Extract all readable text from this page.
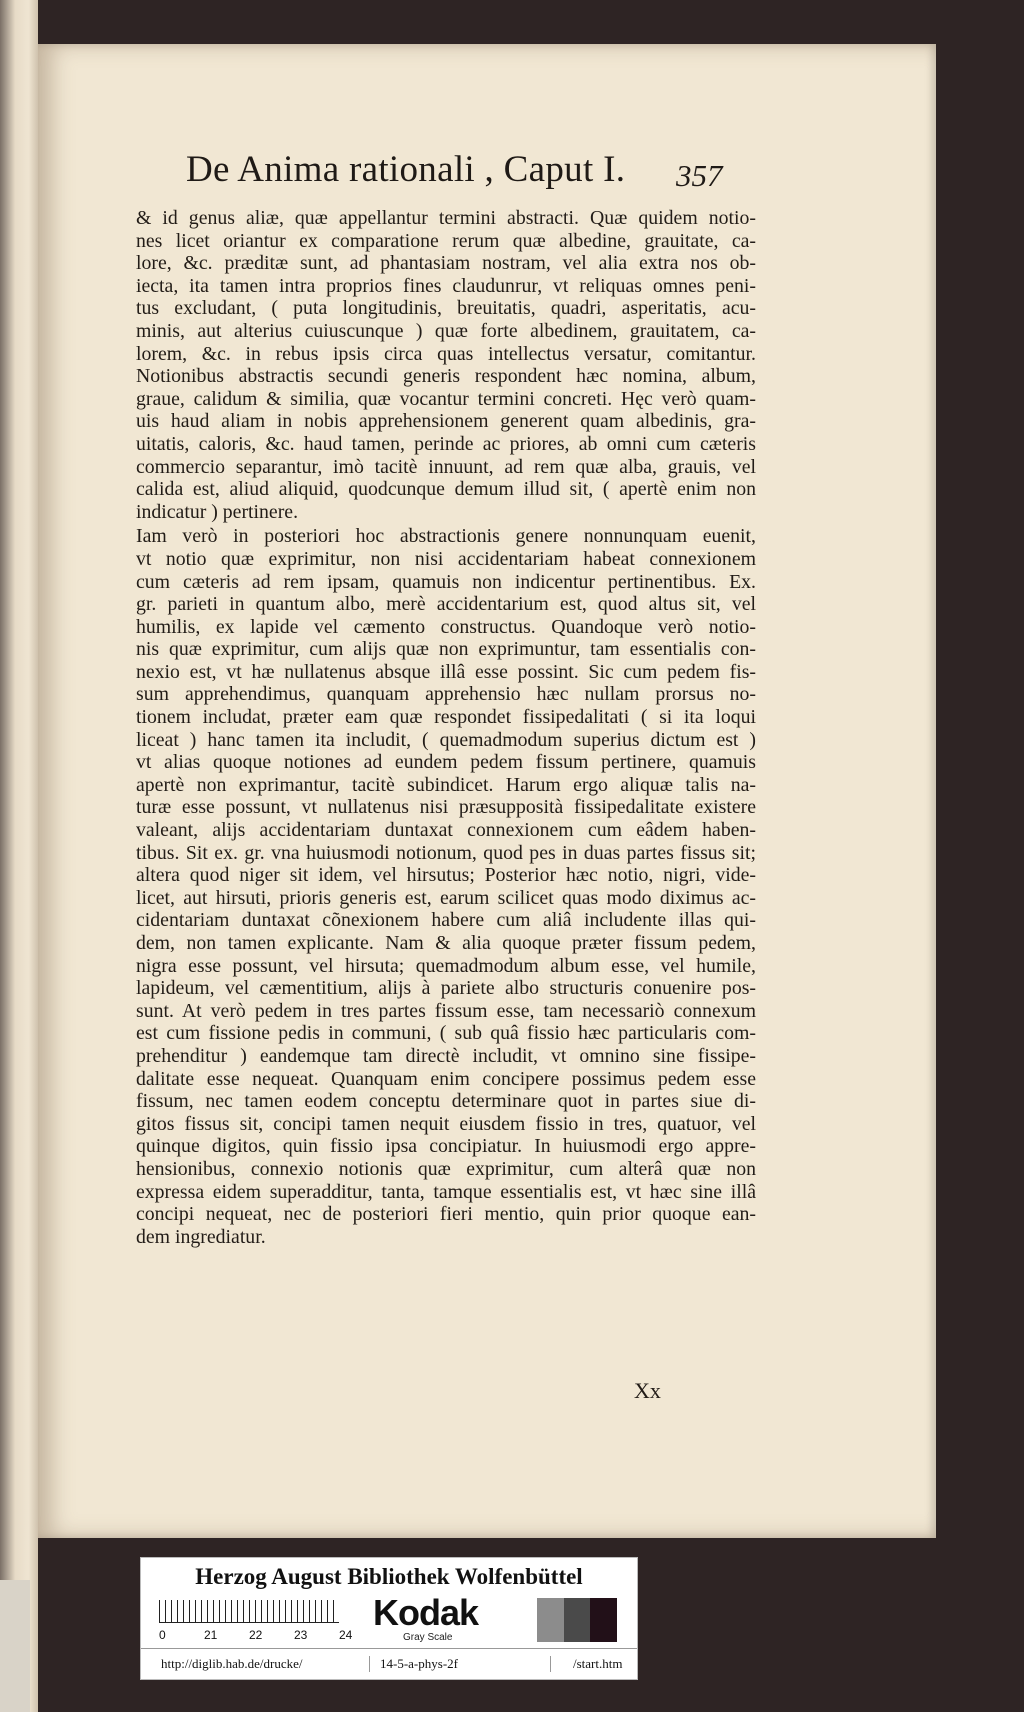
De Anima rationali , Caput I. 357

& id genus aliæ, quæ appellantur termini abstracti. Quæ quidem notio-
nes licet oriantur ex comparatione rerum quæ albedine, grauitate, ca-
lore, &c. præditæ sunt, ad phantasiam nostram, vel alia extra nos ob-
iecta, ita tamen intra proprios fines claudunrur, vt reliquas omnes peni-
tus excludant, ( puta longitudinis, breuitatis, quadri, asperitatis, acu-
minis, aut alterius cuiuscunque ) quæ forte albedinem, grauitatem, ca-
lorem, &c. in rebus ipsis circa quas intellectus versatur, comitantur.
Notionibus abstractis secundi generis respondent hæc nomina, album,
graue, calidum & similia, quæ vocantur termini concreti. Hęc verò quam-
uis haud aliam in nobis apprehensionem generent quam albedinis, gra-
uitatis, caloris, &c. haud tamen, perinde ac priores, ab omni cum cæteris
commercio separantur, imò tacitè innuunt, ad rem quæ alba, grauis, vel
calida est, aliud aliquid, quodcunque demum illud sit, ( apertè enim non
indicatur ) pertinere.

Iam verò in posteriori hoc abstractionis genere nonnunquam euenit,
vt notio quæ exprimitur, non nisi accidentariam habeat connexionem
cum cæteris ad rem ipsam, quamuis non indicentur pertinentibus. Ex.
gr. parieti in quantum albo, merè accidentarium est, quod altus sit, vel
humilis, ex lapide vel cæmento constructus. Quandoque verò notio-
nis quæ exprimitur, cum alijs quæ non exprimuntur, tam essentialis con-
nexio est, vt hæ nullatenus absque illâ esse possint. Sic cum pedem fis-
sum apprehendimus, quanquam apprehensio hæc nullam prorsus no-
tionem includat, præter eam quæ respondet fissipedalitati ( si ita loqui
liceat ) hanc tamen ita includit, ( quemadmodum superius dictum est )
vt alias quoque notiones ad eundem pedem fissum pertinere, quamuis
apertè non exprimantur, tacitè subindicet. Harum ergo aliquæ talis na-
turæ esse possunt, vt nullatenus nisi præsupposità fissipedalitate existere
valeant, alijs accidentariam duntaxat connexionem cum eâdem haben-
tibus. Sit ex. gr. vna huiusmodi notionum, quod pes in duas partes fissus sit;
altera quod niger sit idem, vel hirsutus; Posterior hæc notio, nigri, vide-
licet, aut hirsuti, prioris generis est, earum scilicet quas modo diximus ac-
cidentariam duntaxat cõnexionem habere cum aliâ includente illas qui-
dem, non tamen explicante. Nam & alia quoque præter fissum pedem,
nigra esse possunt, vel hirsuta; quemadmodum album esse, vel humile,
lapideum, vel cæmentitium, alijs à pariete albo structuris conuenire pos-
sunt. At verò pedem in tres partes fissum esse, tam necessariò connexum
est cum fissione pedis in communi, ( sub quâ fissio hæc particularis com-
prehenditur ) eandemque tam directè includit, vt omnino sine fissipe-
dalitate esse nequeat. Quanquam enim concipere possimus pedem esse
fissum, nec tamen eodem conceptu determinare quot in partes siue di-
gitos fissus sit, concipi tamen nequit eiusdem fissio in tres, quatuor, vel
quinque digitos, quin fissio ipsa concipiatur. In huiusmodi ergo appre-
hensionibus, connexio notionis quæ exprimitur, cum alterâ quæ non
expressa eidem superadditur, tanta, tamque essentialis est, vt hæc sine illâ
concipi nequeat, nec de posteriori fieri mentio, quin prior quoque ean-
dem ingrediatur.

Xx
Herzog August Bibliothek Wolfenbüttel
0	21	22	23	24
Kodak
Gray Scale
http://diglib.hab.de/drucke/	14-5-a-phys-2f	/start.htm
